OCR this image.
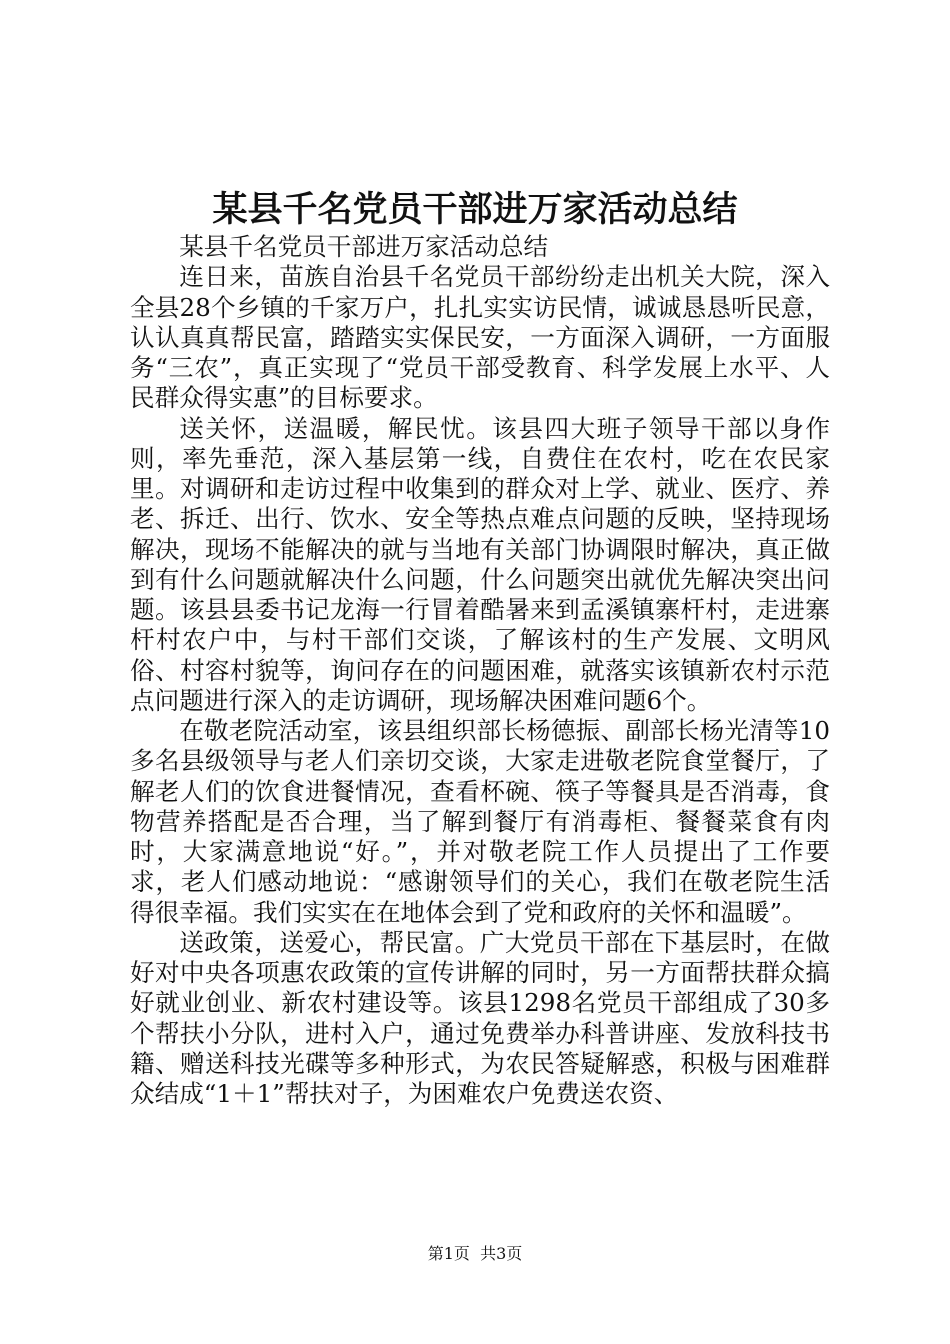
某县千名党员干部进万家活动总结

某县千名党员干部进万家活动总结

连日来，苗族自治县千名党员干部纷纷走出机关大院，深入全县28个乡镇的千家万户，扎扎实实访民情，诚诚恳恳听民意，认认真真帮民富，踏踏实实保民安，一方面深入调研，一方面服务“三农”，真正实现了“党员干部受教育、科学发展上水平、人民群众得实惠”的目标要求。

送关怀，送温暖，解民忧。该县四大班子领导干部以身作则，率先垂范，深入基层第一线，自费住在农村，吃在农民家里。对调研和走访过程中收集到的群众对上学、就业、医疗、养老、拆迁、出行、饮水、安全等热点难点问题的反映，坚持现场解决，现场不能解决的就与当地有关部门协调限时解决，真正做到有什么问题就解决什么问题，什么问题突出就优先解决突出问题。该县县委书记龙海一行冒着酷暑来到孟溪镇寨杆村，走进寨杆村农户中，与村干部们交谈，了解该村的生产发展、文明风俗、村容村貌等，询问存在的问题困难，就落实该镇新农村示范点问题进行深入的走访调研，现场解决困难问题6个。

在敬老院活动室，该县组织部长杨德振、副部长杨光清等10多名县级领导与老人们亲切交谈，大家走进敬老院食堂餐厅，了解老人们的饮食进餐情况，查看杯碗、筷子等餐具是否消毒，食物营养搭配是否合理，当了解到餐厅有消毒柜、餐餐菜食有肉时，大家满意地说“好。”，并对敬老院工作人员提出了工作要求，老人们感动地说：“感谢领导们的关心，我们在敬老院生活得很幸福。我们实实在在地体会到了党和政府的关怀和温暖”。

送政策，送爱心，帮民富。广大党员干部在下基层时，在做好对中央各项惠农政策的宣传讲解的同时，另一方面帮扶群众搞好就业创业、新农村建设等。该县1298名党员干部组成了30多个帮扶小分队，进村入户，通过免费举办科普讲座、发放科技书籍、赠送科技光碟等多种形式，为农民答疑解惑，积极与困难群众结成“1＋1”帮扶对子，为困难农户免费送农资、

第1页  共3页
